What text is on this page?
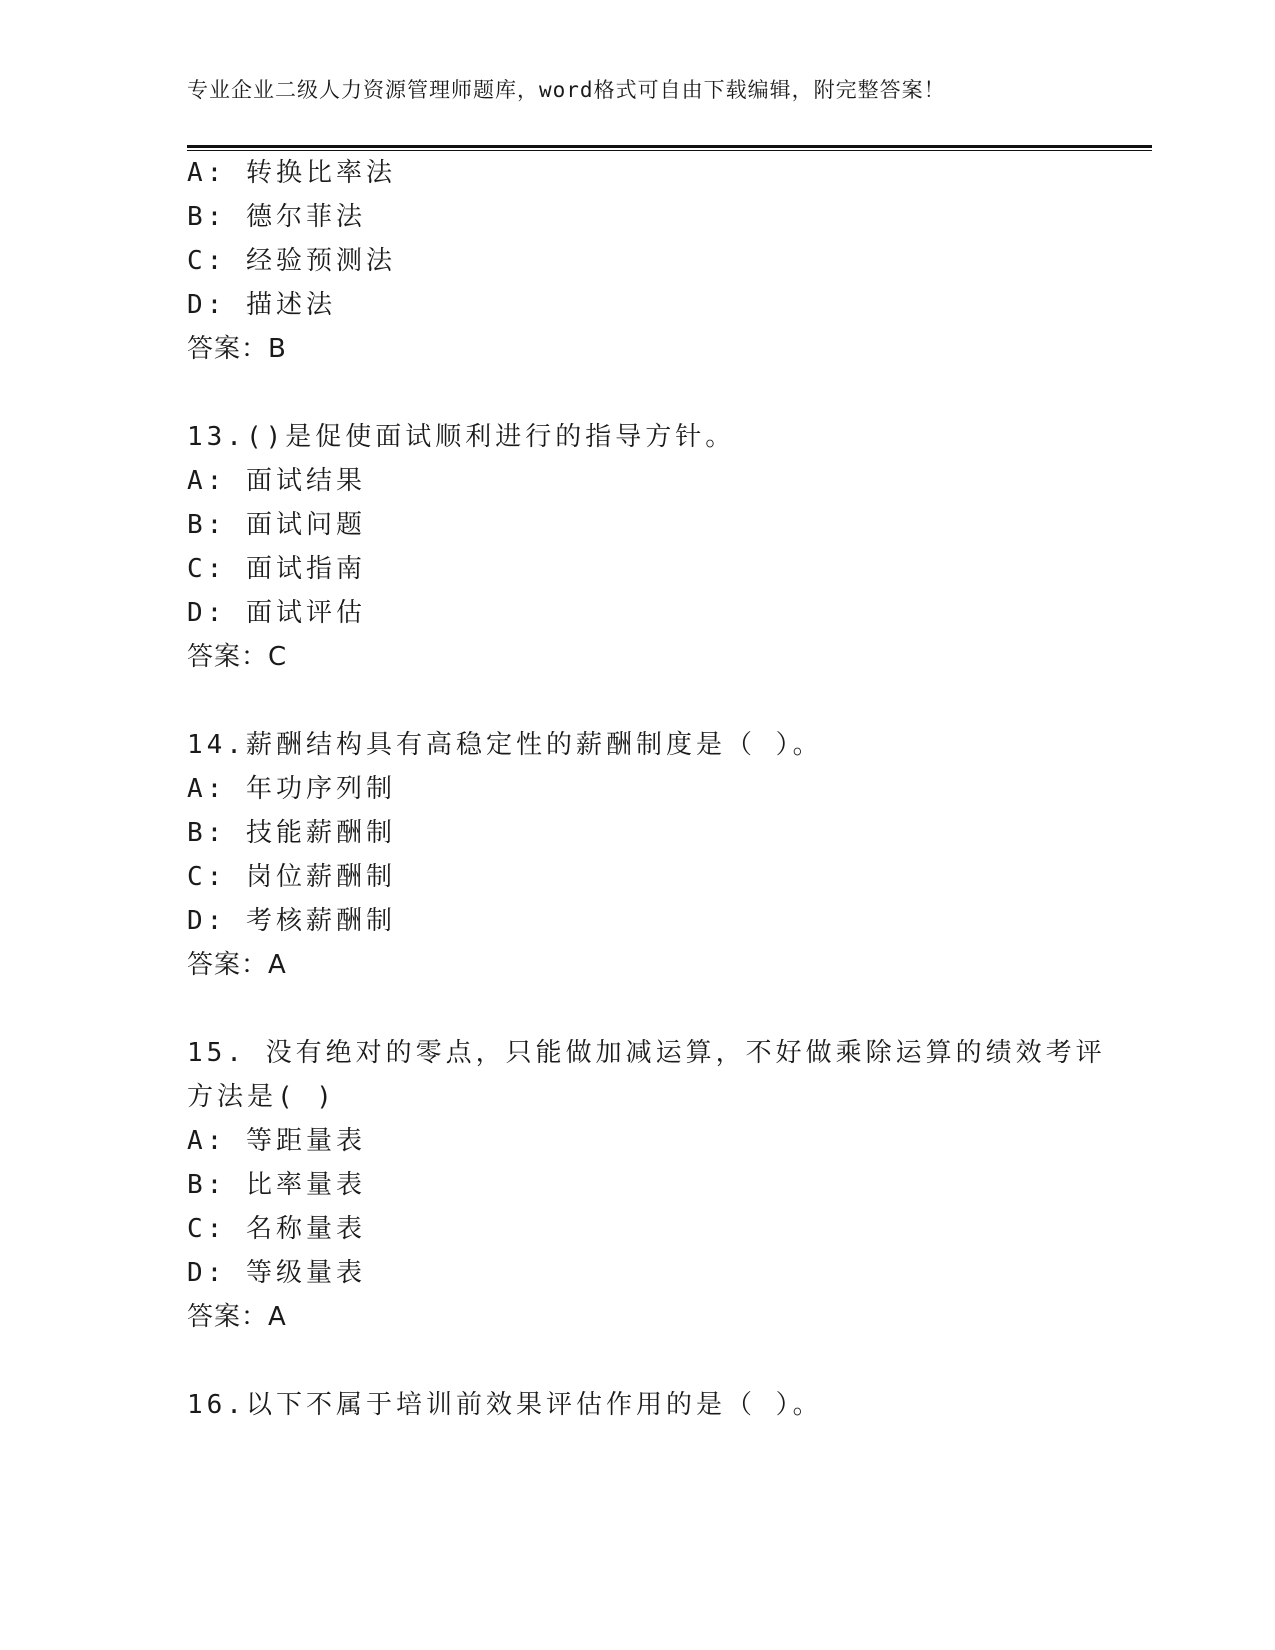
专业企业二级人力资源管理师题库，word格式可自由下载编辑，附完整答案！
A: 转换比率法
B: 德尔菲法
C: 经验预测法
D: 描述法
答案：B
13.()是促使面试顺利进行的指导方针。
A: 面试结果
B: 面试问题
C: 面试指南
D: 面试评估
答案：C
14.薪酬结构具有高稳定性的薪酬制度是（ ）。
A: 年功序列制
B: 技能薪酬制
C: 岗位薪酬制
D: 考核薪酬制
答案：A
15. 没有绝对的零点，只能做加减运算，不好做乘除运算的绩效考评
方法是( )
A: 等距量表
B: 比率量表
C: 名称量表
D: 等级量表
答案：A
16.以下不属于培训前效果评估作用的是（ ）。
